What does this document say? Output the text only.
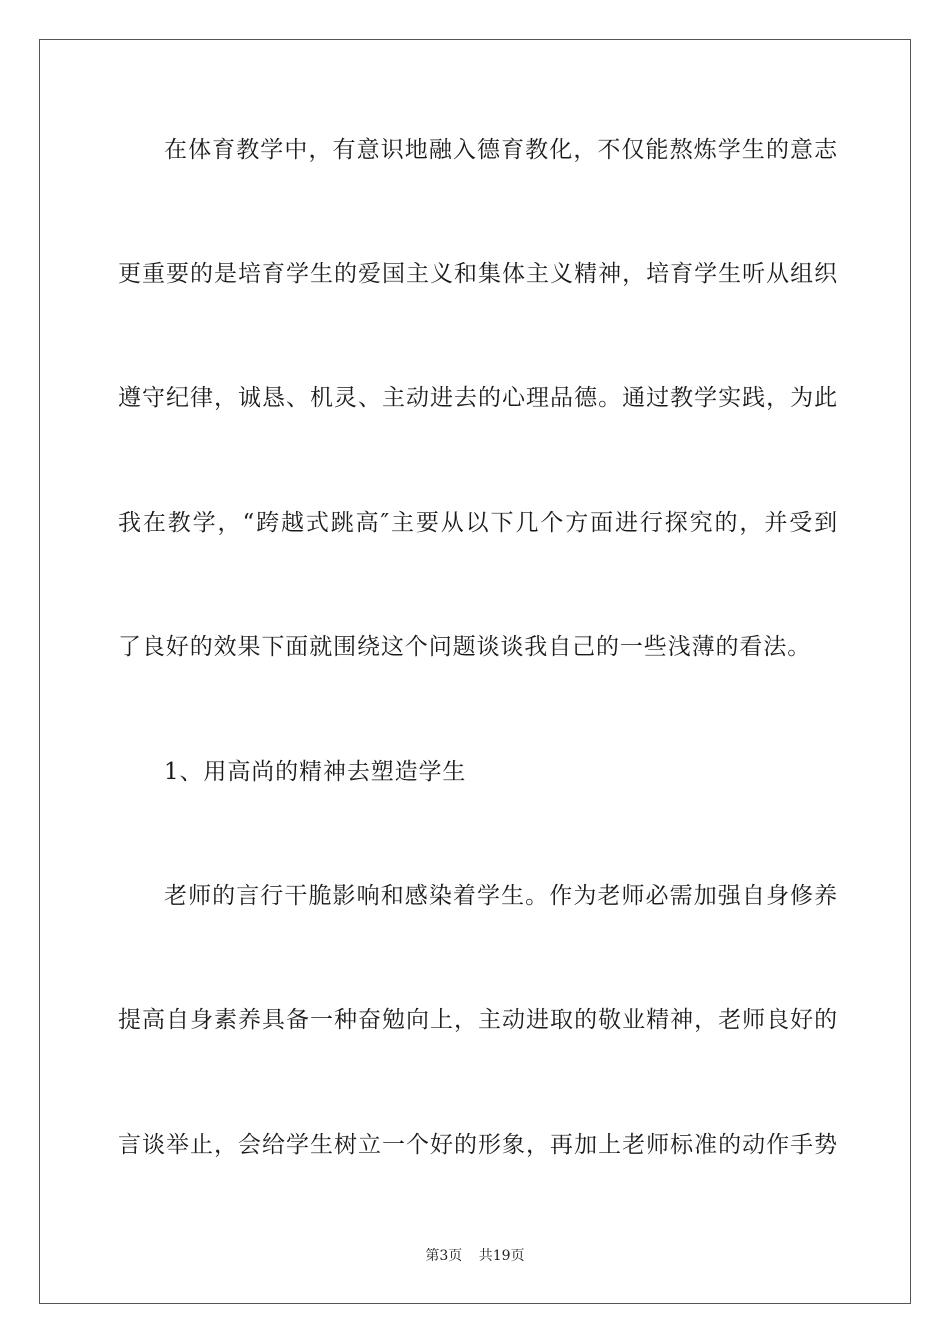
在体育教学中，有意识地融入德育教化，不仅能熬炼学生的意志
更重要的是培育学生的爱国主义和集体主义精神，培育学生听从组织
遵守纪律，诚恳、机灵、主动进去的心理品德。通过教学实践，为此
我在教学，“跨越式跳高″主要从以下几个方面进行探究的，并受到
了良好的效果下面就围绕这个问题谈谈我自己的一些浅薄的看法。
1、用高尚的精神去塑造学生
老师的言行干脆影响和感染着学生。作为老师必需加强自身修养
提高自身素养具备一种奋勉向上，主动进取的敬业精神，老师良好的
言谈举止，会给学生树立一个好的形象，再加上老师标准的动作手势
第3页 共19页
